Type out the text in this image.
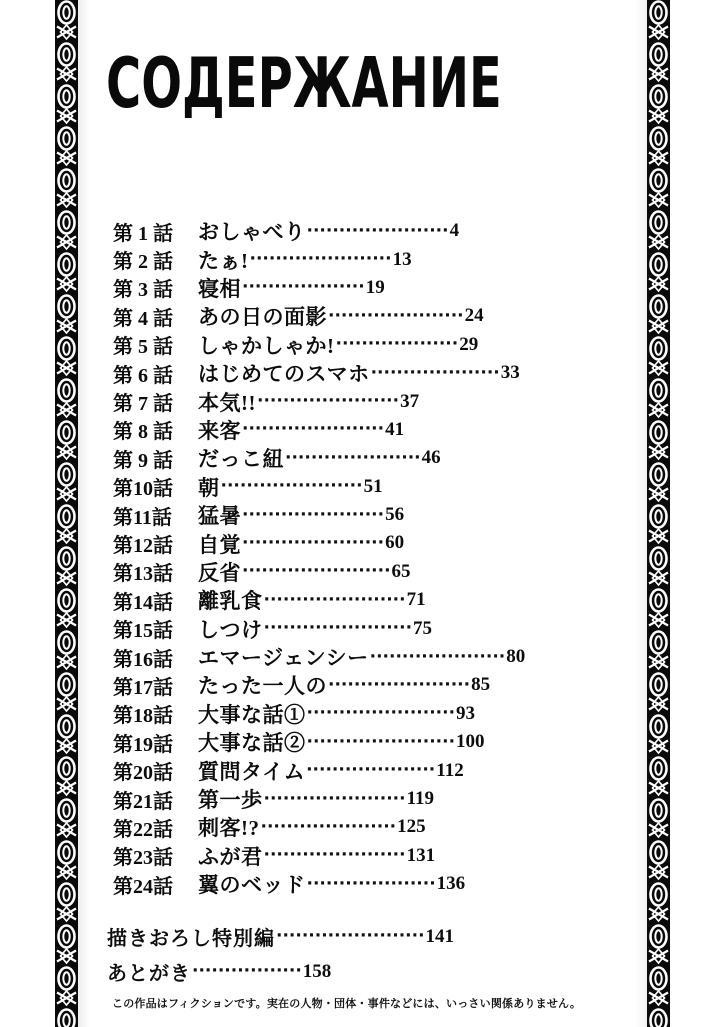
СОДЕРЖАНИЕ
第 1 話	おしゃべり ······················ 4
第 2 話	たぁ! ······················ 13
第 3 話	寝相 ··················· 19
第 4 話	あの日の面影 ····················· 24
第 5 話	しゃかしゃか! ··················· 29
第 6 話	はじめてのスマホ ···················· 33
第 7 話	本気!! ······················ 37
第 8 話	来客 ······················ 41
第 9 話	だっこ紐 ····················· 46
第10話	朝 ······················ 51
第11話	猛暑 ······················ 56
第12話	自覚 ······················ 60
第13話	反省 ······················· 65
第14話	離乳食 ······················ 71
第15話	しつけ ······················· 75
第16話	エマージェンシー ····················· 80
第17話	たった一人の ······················ 85
第18話	大事な話① ······················· 93
第19話	大事な話② ······················· 100
第20話	質問タイム ···················· 112
第21話	第一歩 ······················ 119
第22話	刺客!? ····················· 125
第23話	ふが君 ······················ 131
第24話	翼のベッド ···················· 136
描きおろし特別編 ······················· 141
あとがき ················· 158

この作品はフィクションです。実在の人物・団体・事件などには、いっさい関係ありません。
